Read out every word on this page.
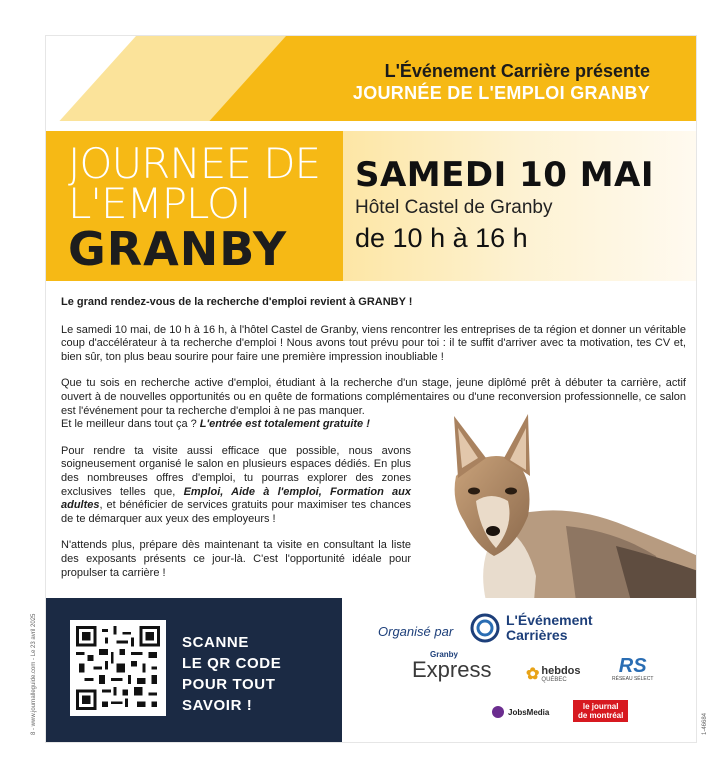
L'Événement Carrière présente
JOURNÉE DE L'EMPLOI GRANBY
JOURNEE DE
L'EMPLOI
GRANBY
SAMEDI 10 MAI
Hôtel Castel de Granby
de 10 h à 16 h

Le grand rendez-vous de la recherche d'emploi revient à GRANBY !

Le samedi 10 mai, de 10 h à 16 h, à l'hôtel Castel de Granby, viens rencontrer les entreprises de ta région et donner un véritable coup d'accélérateur à ta recherche d'emploi ! Nous avons tout prévu pour toi : il te suffit d'arriver avec ta motivation, tes CV et, bien sûr, ton plus beau sourire pour faire une première impression inoubliable !

Que tu sois en recherche active d'emploi, étudiant à la recherche d'un stage, jeune diplômé prêt à débuter ta carrière, actif ouvert à de nouvelles opportunités ou en quête de formations complémentaires ou d'une reconversion professionnelle, ce salon est l'événement pour ta recherche d'emploi à ne pas manquer.
Et le meilleur dans tout ça ? L'entrée est totalement gratuite !

Pour rendre ta visite aussi efficace que possible, nous avons soigneusement organisé le salon en plusieurs espaces dédiés. En plus des nombreuses offres d'emploi, tu pourras explorer des zones exclusives telles que, Emploi, Aide à l'emploi, Formation aux adultes, et bénéficier de services gratuits pour maximiser tes chances de te démarquer aux yeux des employeurs !

N'attends plus, prépare dès maintenant ta visite en consultant la liste des exposants présents ce jour-là. C'est l'opportunité idéale pour propulser ta carrière !

SCANNE
LE QR CODE
POUR TOUT
SAVOIR !
Organisé par
L'Événement
Carrières
Granby
Express ✿ hebdos
QUÉBEC
RS
RÉSEAU SÉLECT
JobsMedia
le journal
de montréal
8 - www.journalleguide.com - Le 23 avril 2025	1-46684
